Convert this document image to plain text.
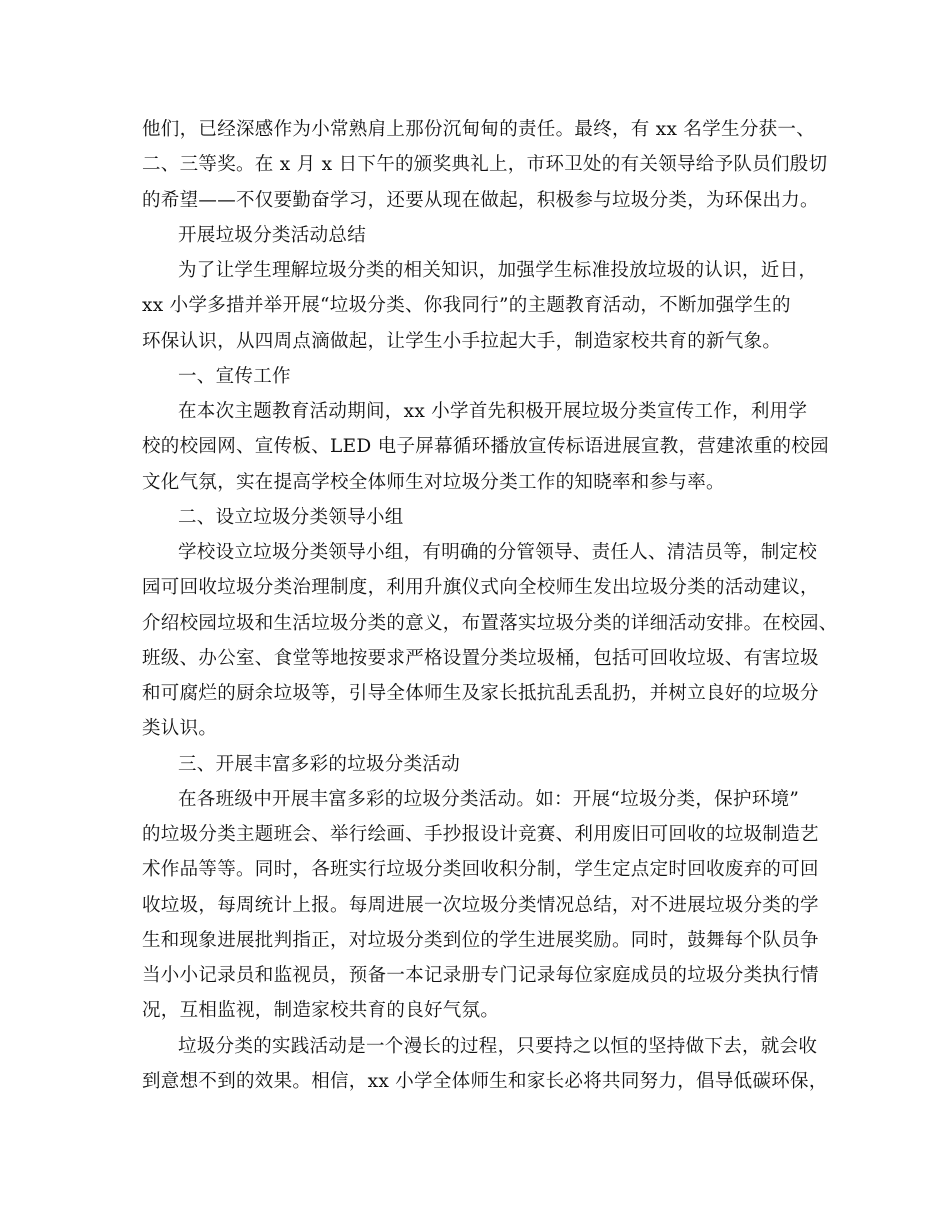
他们，已经深感作为小常熟肩上那份沉甸甸的责任。最终，有 xx 名学生分获一、
二、三等奖。在 x 月 x 日下午的颁奖典礼上，市环卫处的有关领导给予队员们殷切
的希望——不仅要勤奋学习，还要从现在做起，积极参与垃圾分类，为环保出力。
开展垃圾分类活动总结
为了让学生理解垃圾分类的相关知识，加强学生标准投放垃圾的认识，近日，
xx 小学多措并举开展“垃圾分类、你我同行”的主题教育活动，不断加强学生的
环保认识，从四周点滴做起，让学生小手拉起大手，制造家校共育的新气象。
一、宣传工作
在本次主题教育活动期间，xx 小学首先积极开展垃圾分类宣传工作，利用学
校的校园网、宣传板、LED 电子屏幕循环播放宣传标语进展宣教，营建浓重的校园
文化气氛，实在提高学校全体师生对垃圾分类工作的知晓率和参与率。
二、设立垃圾分类领导小组
学校设立垃圾分类领导小组，有明确的分管领导、责任人、清洁员等，制定校
园可回收垃圾分类治理制度，利用升旗仪式向全校师生发出垃圾分类的活动建议，
介绍校园垃圾和生活垃圾分类的意义，布置落实垃圾分类的详细活动安排。在校园、
班级、办公室、食堂等地按要求严格设置分类垃圾桶，包括可回收垃圾、有害垃圾
和可腐烂的厨余垃圾等，引导全体师生及家长抵抗乱丢乱扔，并树立良好的垃圾分
类认识。
三、开展丰富多彩的垃圾分类活动
在各班级中开展丰富多彩的垃圾分类活动。如：开展“垃圾分类，保护环境”
的垃圾分类主题班会、举行绘画、手抄报设计竞赛、利用废旧可回收的垃圾制造艺
术作品等等。同时，各班实行垃圾分类回收积分制，学生定点定时回收废弃的可回
收垃圾，每周统计上报。每周进展一次垃圾分类情况总结，对不进展垃圾分类的学
生和现象进展批判指正，对垃圾分类到位的学生进展奖励。同时，鼓舞每个队员争
当小小记录员和监视员，预备一本记录册专门记录每位家庭成员的垃圾分类执行情
况，互相监视，制造家校共育的良好气氛。
垃圾分类的实践活动是一个漫长的过程，只要持之以恒的坚持做下去，就会收
到意想不到的效果。相信，xx 小学全体师生和家长必将共同努力，倡导低碳环保，
